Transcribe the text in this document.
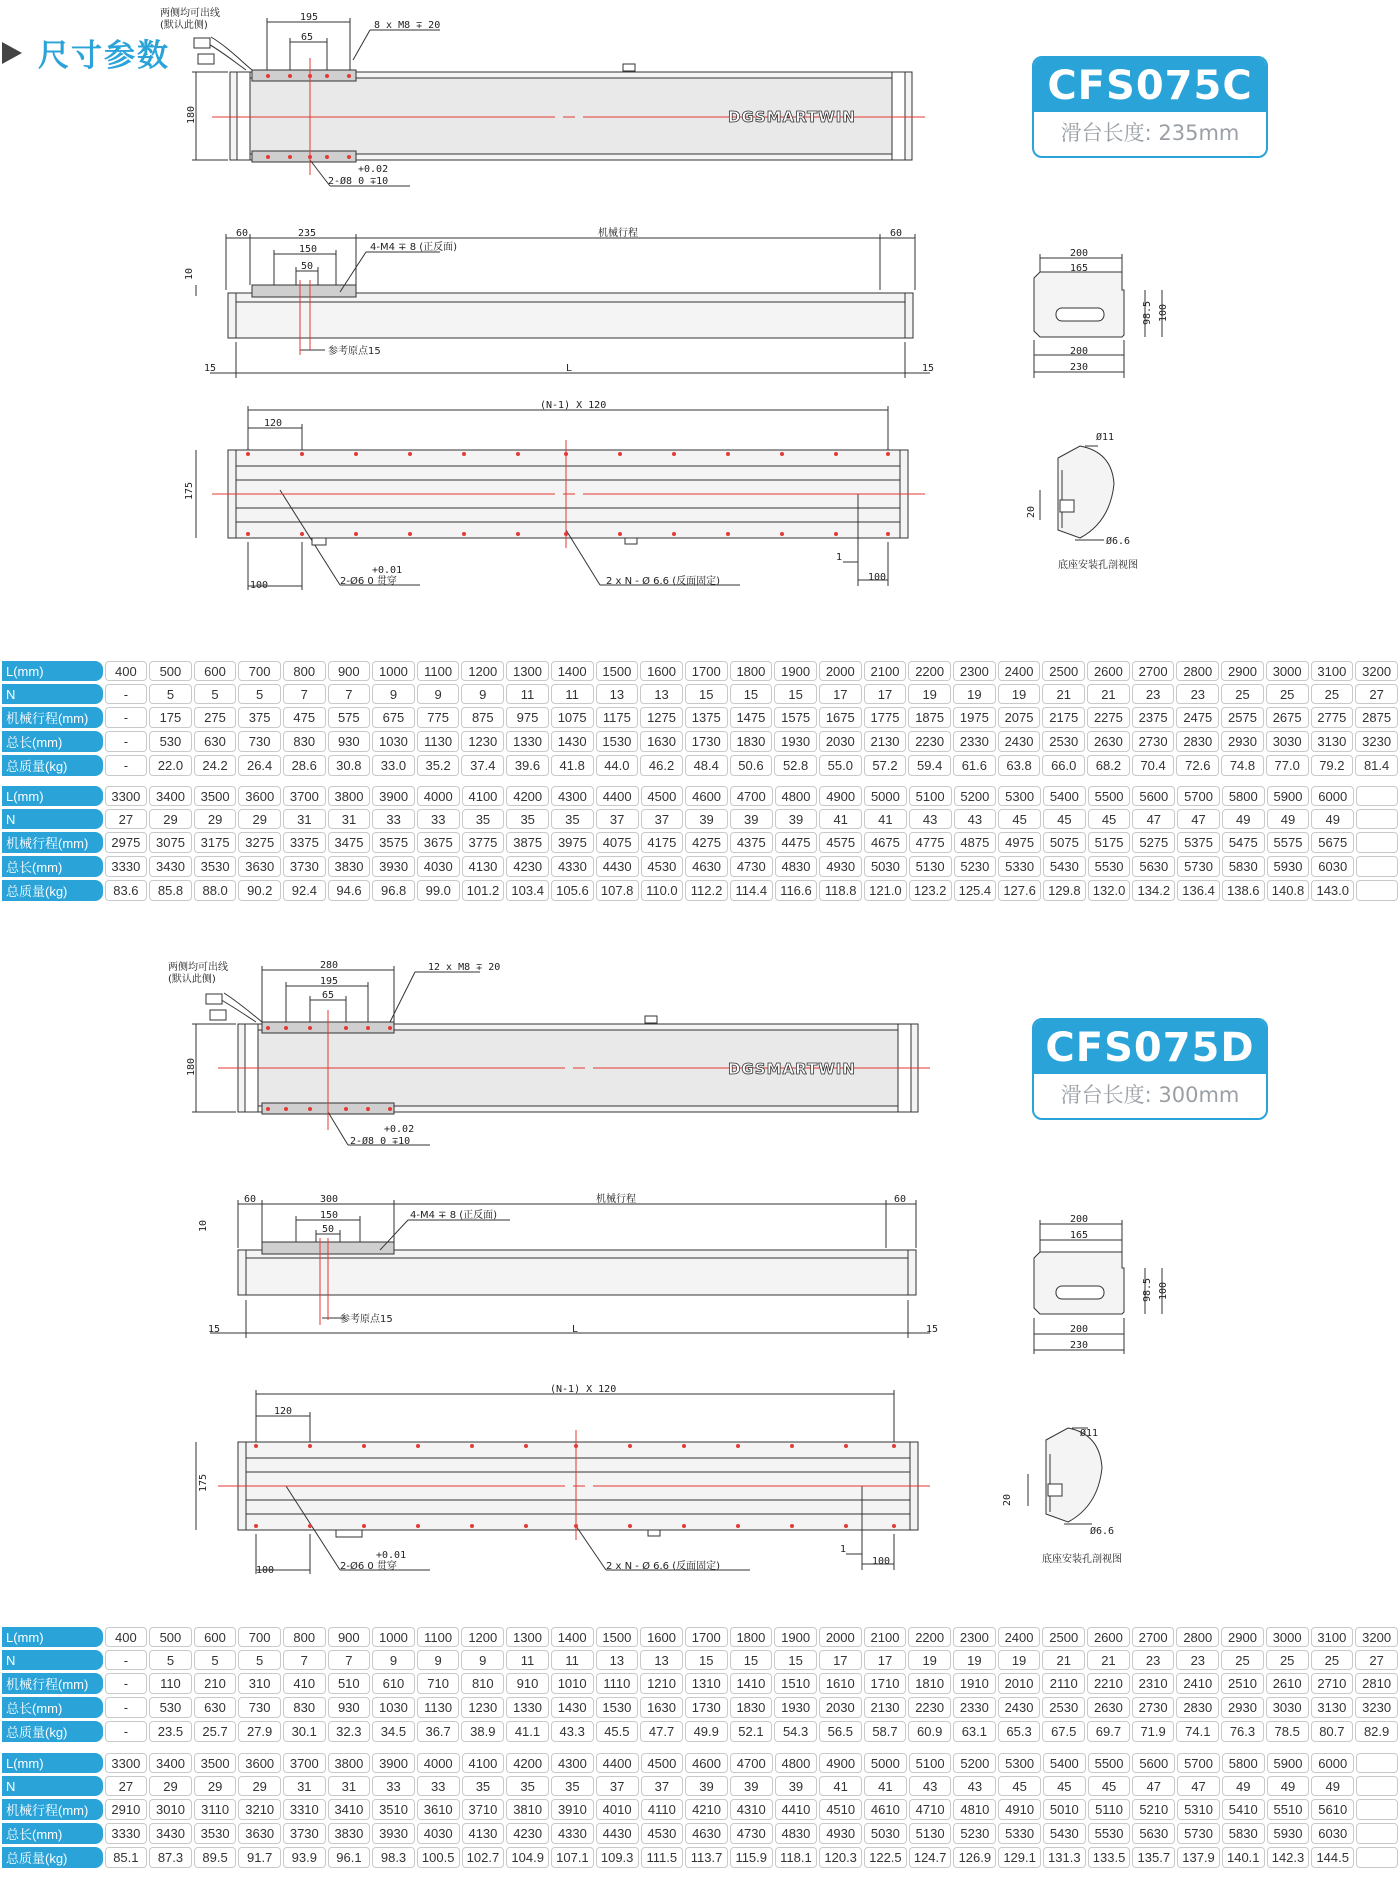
尺寸参数
CFS075C
滑台长度: 235mm
CFS075D
滑台长度: 300mm
两侧均可出线
(默认此侧)
195
65
8 x M8 ∓ 20
180
+0.02
2-Ø8 0 ∓10
DGSMARTWIN
60	235
150
50
4-M4 ∓ 8 (正反面)
机械行程	60
10
参考原点15
15	L	15
200
165
98.5 100
200
230
(N-1) X 120
120
175
+0.01
2-Ø6 0 贯穿	2 x N - Ø 6.6 (反面固定)
1
100
100
Ø11
Ø6.6
20
底座安装孔剖视图
L(mm)	400	500	600	700	800	900	1000	1100	1200	1300	1400	1500	1600	1700	1800	1900	2000	2100	2200	2300	2400	2500	2600	2700	2800	2900	3000	3100	3200
N	-	5	5	5	7	7	9	9	9	11	11	13	13	15	15	15	17	17	19	19	19	21	21	23	23	25	25	25	27
机械行程(mm)	-	175	275	375	475	575	675	775	875	975	1075	1175	1275	1375	1475	1575	1675	1775	1875	1975	2075	2175	2275	2375	2475	2575	2675	2775	2875
总长(mm)	-	530	630	730	830	930	1030	1130	1230	1330	1430	1530	1630	1730	1830	1930	2030	2130	2230	2330	2430	2530	2630	2730	2830	2930	3030	3130	3230
总质量(kg)	-	22.0	24.2	26.4	28.6	30.8	33.0	35.2	37.4	39.6	41.8	44.0	46.2	48.4	50.6	52.8	55.0	57.2	59.4	61.6	63.8	66.0	68.2	70.4	72.6	74.8	77.0	79.2	81.4
L(mm)	3300	3400	3500	3600	3700	3800	3900	4000	4100	4200	4300	4400	4500	4600	4700	4800	4900	5000	5100	5200	5300	5400	5500	5600	5700	5800	5900	6000	
N	27	29	29	29	31	31	33	33	35	35	35	37	37	39	39	39	41	41	43	43	45	45	45	47	47	49	49	49	
机械行程(mm)	2975	3075	3175	3275	3375	3475	3575	3675	3775	3875	3975	4075	4175	4275	4375	4475	4575	4675	4775	4875	4975	5075	5175	5275	5375	5475	5575	5675	
总长(mm)	3330	3430	3530	3630	3730	3830	3930	4030	4130	4230	4330	4430	4530	4630	4730	4830	4930	5030	5130	5230	5330	5430	5530	5630	5730	5830	5930	6030	
总质量(kg)	83.6	85.8	88.0	90.2	92.4	94.6	96.8	99.0	101.2	103.4	105.6	107.8	110.0	112.2	114.4	116.6	118.8	121.0	123.2	125.4	127.6	129.8	132.0	134.2	136.4	138.6	140.8	143.0	
两侧均可出线
(默认此侧)
280
195
65
12 x M8 ∓ 20
180
+0.02
2-Ø8 0 ∓10
DGSMARTWIN
60	300
150
50
4-M4 ∓ 8 (正反面)
机械行程	60
10
参考原点15
15	L	15
200
165
98.5 100
200
230
(N-1) X 120
120
175
+0.01
2-Ø6 0 贯穿	2 x N - Ø 6.6 (反面固定)
1
100
100
Ø11
Ø6.6
20
底座安装孔剖视图
L(mm)	400	500	600	700	800	900	1000	1100	1200	1300	1400	1500	1600	1700	1800	1900	2000	2100	2200	2300	2400	2500	2600	2700	2800	2900	3000	3100	3200
N	-	5	5	5	7	7	9	9	9	11	11	13	13	15	15	15	17	17	19	19	19	21	21	23	23	25	25	25	27
机械行程(mm)	-	110	210	310	410	510	610	710	810	910	1010	1110	1210	1310	1410	1510	1610	1710	1810	1910	2010	2110	2210	2310	2410	2510	2610	2710	2810
总长(mm)	-	530	630	730	830	930	1030	1130	1230	1330	1430	1530	1630	1730	1830	1930	2030	2130	2230	2330	2430	2530	2630	2730	2830	2930	3030	3130	3230
总质量(kg)	-	23.5	25.7	27.9	30.1	32.3	34.5	36.7	38.9	41.1	43.3	45.5	47.7	49.9	52.1	54.3	56.5	58.7	60.9	63.1	65.3	67.5	69.7	71.9	74.1	76.3	78.5	80.7	82.9
L(mm)	3300	3400	3500	3600	3700	3800	3900	4000	4100	4200	4300	4400	4500	4600	4700	4800	4900	5000	5100	5200	5300	5400	5500	5600	5700	5800	5900	6000	
N	27	29	29	29	31	31	33	33	35	35	35	37	37	39	39	39	41	41	43	43	45	45	45	47	47	49	49	49	
机械行程(mm)	2910	3010	3110	3210	3310	3410	3510	3610	3710	3810	3910	4010	4110	4210	4310	4410	4510	4610	4710	4810	4910	5010	5110	5210	5310	5410	5510	5610	
总长(mm)	3330	3430	3530	3630	3730	3830	3930	4030	4130	4230	4330	4430	4530	4630	4730	4830	4930	5030	5130	5230	5330	5430	5530	5630	5730	5830	5930	6030	
总质量(kg)	85.1	87.3	89.5	91.7	93.9	96.1	98.3	100.5	102.7	104.9	107.1	109.3	111.5	113.7	115.9	118.1	120.3	122.5	124.7	126.9	129.1	131.3	133.5	135.7	137.9	140.1	142.3	144.5	
